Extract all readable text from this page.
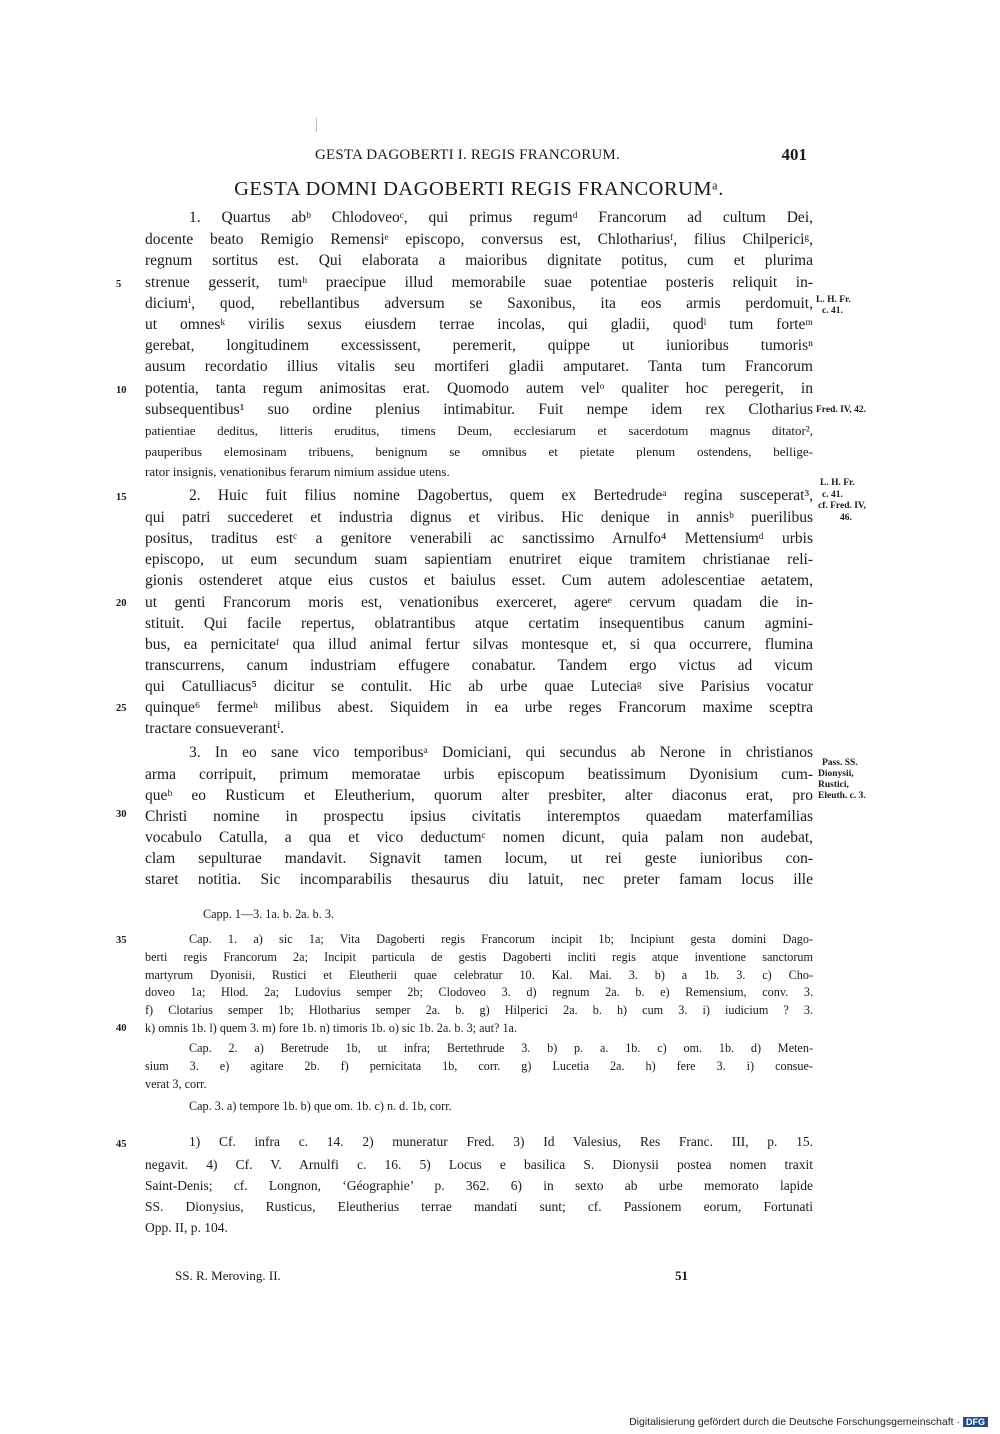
GESTA DAGOBERTI I. REGIS FRANCORUM.	401
GESTA DOMNI DAGOBERTI REGIS FRANCORUMᵃ.
1. Quartus abᵇ Chlodoveoᶜ, qui primus regumᵈ Francorum ad cultum Dei,
docente beato Remigio Remensiᵉ episcopo, conversus est, Chlothariusᶠ, filius Chilpericiᵍ,
regnum sortitus est. Qui elaborata a maioribus dignitate potitus, cum et plurima
strenue gesserit, tumʰ praecipue illud memorabile suae potentiae posteris reliquit in-
diciumⁱ, quod, rebellantibus adversum se Saxonibus, ita eos armis perdomuit,
ut omnesᵏ virilis sexus eiusdem terrae incolas, qui gladii, quodˡ tum forteᵐ
gerebat, longitudinem excessissent, peremerit, quippe ut iunioribus tumorisⁿ
ausum recordatio illius vitalis seu mortiferi gladii amputaret. Tanta tum Francorum
potentia, tanta regum animositas erat. Quomodo autem velᵒ qualiter hoc peregerit, in
subsequentibus¹ suo ordine plenius intimabitur. Fuit nempe idem rex Clotharius
patientiae deditus, litteris eruditus, timens Deum, ecclesiarum et sacerdotum magnus ditator²,
pauperibus elemosinam tribuens, benignum se omnibus et pietate plenum ostendens, bellige-
rator insignis, venationibus ferarum nimium assidue utens.
2. Huic fuit filius nomine Dagobertus, quem ex Bertedrudeᵃ regina susceperat³,
qui patri succederet et industria dignus et viribus. Hic denique in annisᵇ puerilibus
positus, traditus estᶜ a genitore venerabili ac sanctissimo Arnulfo⁴ Mettensiumᵈ urbis
episcopo, ut eum secundum suam sapientiam enutriret eique tramitem christianae reli-
gionis ostenderet atque eius custos et baiulus esset. Cum autem adolescentiae aetatem,
ut genti Francorum moris est, venationibus exerceret, agereᵉ cervum quadam die in-
stituit. Qui facile repertus, oblatrantibus atque certatim insequentibus canum agmini-
bus, ea pernicitateᶠ qua illud animal fertur silvas montesque et, si qua occurrere, flumina
transcurrens, canum industriam effugere conabatur. Tandem ergo victus ad vicum
qui Catulliacus⁵ dicitur se contulit. Hic ab urbe quae Luteciaᵍ sive Parisius vocatur
quinque⁶ fermeʰ milibus abest. Siquidem in ea urbe reges Francorum maxime sceptra
tractare consueverantⁱ.
3. In eo sane vico temporibusᵃ Domiciani, qui secundus ab Nerone in christianos
arma corripuit, primum memoratae urbis episcopum beatissimum Dyonisium cum-
queᵇ eo Rusticum et Eleutherium, quorum alter presbiter, alter diaconus erat, pro
Christi nomine in prospectu ipsius civitatis interemptos quaedam materfamilias
vocabulo Catulla, a qua et vico deductumᶜ nomen dicunt, quia palam non audebat,
clam sepulturae mandavit. Signavit tamen locum, ut rei geste iunioribus con-
staret notitia. Sic incomparabilis thesaurus diu latuit, nec preter famam locus ille
5
10
15
20
25
30
35
40
45
L. H. Fr.
c. 41.
Fred. IV, 42.
L. H. Fr.
c. 41.
cf. Fred. IV,
46.
Pass. SS.
Dionysii,
Rustici,
Eleuth. c. 3.
Capp. 1—3. 1a. b. 2a. b. 3.
Cap. 1. a) sic 1a; Vita Dagoberti regis Francorum incipit 1b; Incipiunt gesta domini Dago-
berti regis Francorum 2a; Incipit particula de gestis Dagoberti incliti regis atque inventione sanctorum
martyrum Dyonisii, Rustici et Eleutherii quae celebratur 10. Kal. Mai. 3. b) a 1b. 3. c) Cho-
doveo 1a; Hlod. 2a; Ludovius semper 2b; Clodoveo 3. d) regnum 2a. b. e) Remensium, conv. 3.
f) Clotarius semper 1b; Hlotharius semper 2a. b. g) Hilperici 2a. b. h) cum 3. i) iudicium ? 3.
k) omnis 1b. l) quem 3. m) fore 1b. n) timoris 1b. o) sic 1b. 2a. b. 3; aut? 1a.
Cap. 2. a) Beretrude 1b, ut infra; Bertethrude 3. b) p. a. 1b. c) om. 1b. d) Meten-
sium 3. e) agitare 2b. f) pernicitata 1b, corr. g) Lucetia 2a. h) fere 3. i) consue-
verat 3, corr.
Cap. 3. a) tempore 1b. b) que om. 1b. c) n. d. 1b, corr.
1) Cf. infra c. 14. 2) muneratur Fred. 3) Id Valesius, Res Franc. III, p. 15.
negavit. 4) Cf. V. Arnulfi c. 16. 5) Locus e basilica S. Dionysii postea nomen traxit
Saint-Denis; cf. Longnon, ‘Géographie’ p. 362. 6) in sexto ab urbe memorato lapide
SS. Dionysius, Rusticus, Eleutherius terrae mandati sunt; cf. Passionem eorum, Fortunati
Opp. II, p. 104.
SS. R. Meroving. II.	51
Digitalisierung gefördert durch die Deutsche Forschungsgemeinschaft · DFG
